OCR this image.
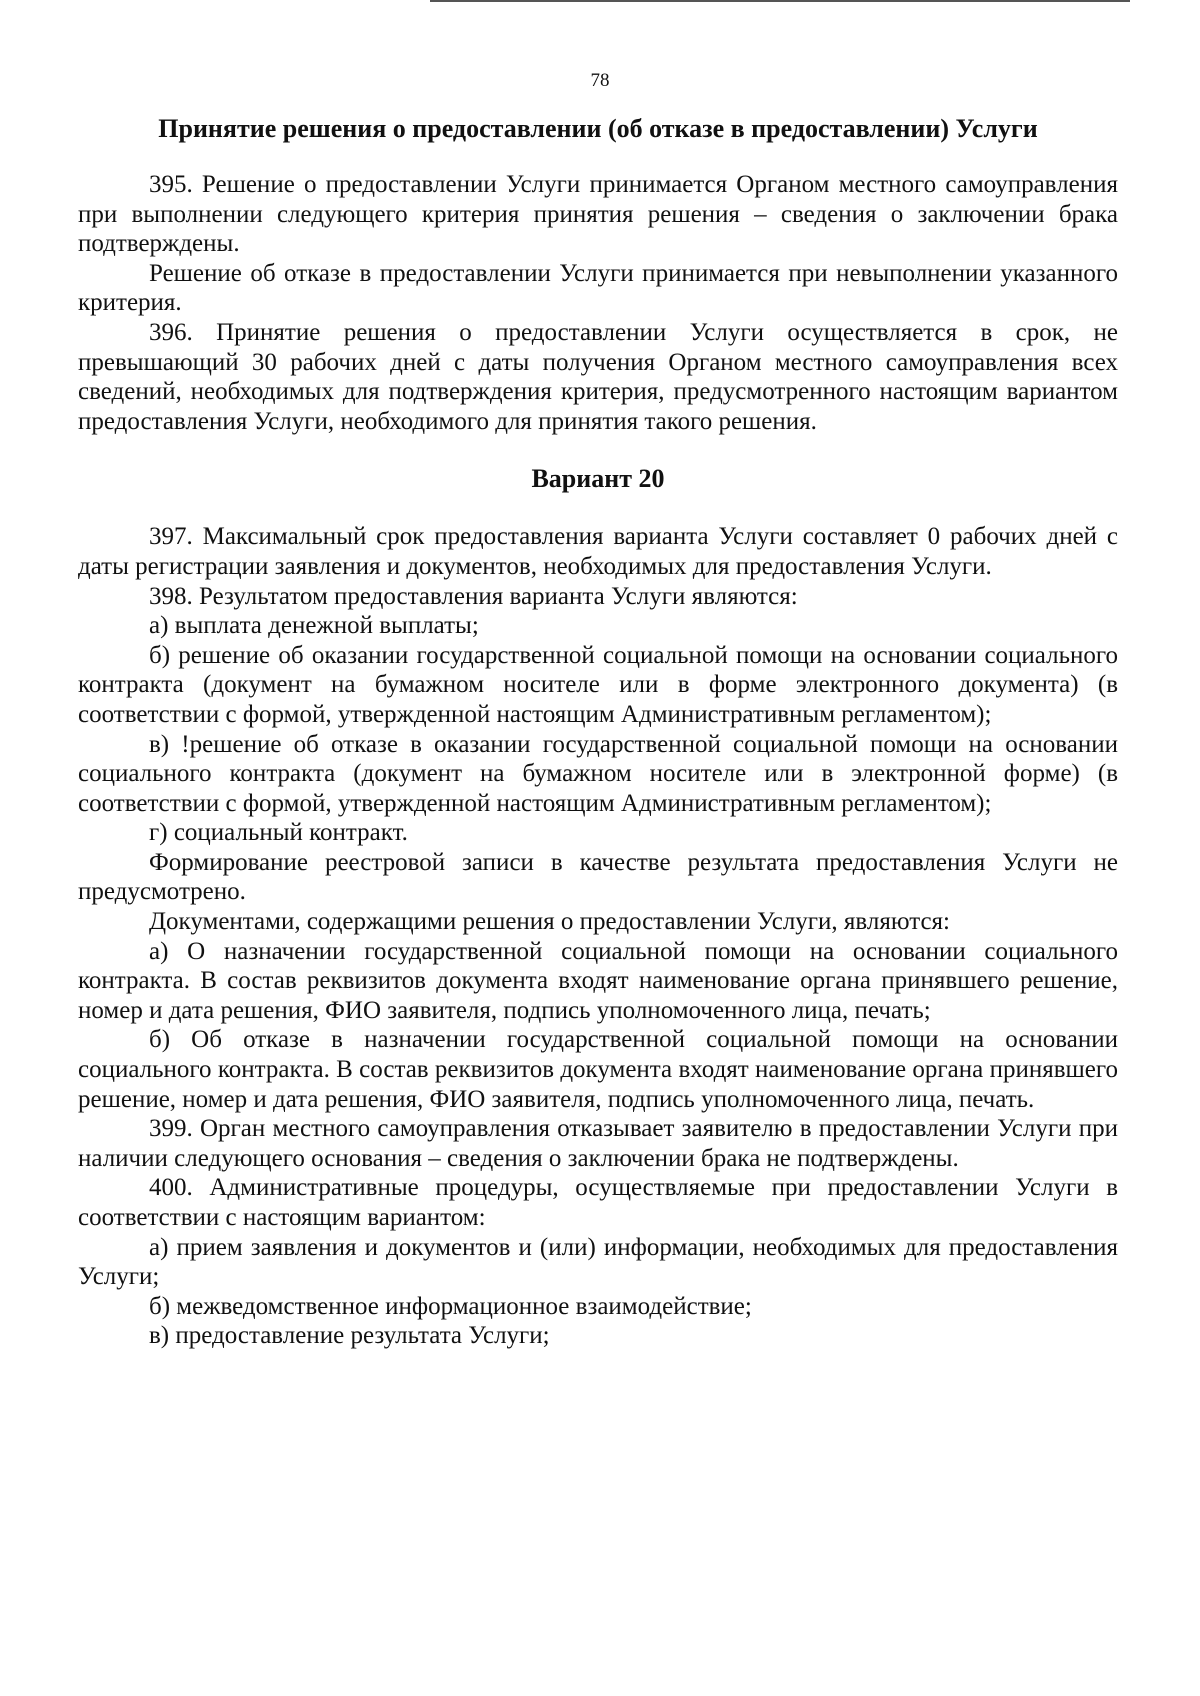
78
Принятие решения о предоставлении (об отказе в предоставлении) Услуги

395. Решение о предоставлении Услуги принимается Органом местного самоуправления при выполнении следующего критерия принятия решения – сведения о заключении брака подтверждены.

Решение об отказе в предоставлении Услуги принимается при невыполнении указанного критерия.

396. Принятие решения о предоставлении Услуги осуществляется в срок, не превышающий 30 рабочих дней с даты получения Органом местного самоуправления всех сведений, необходимых для подтверждения критерия, предусмотренного настоящим вариантом предоставления Услуги, необходимого для принятия такого решения.

Вариант 20

397. Максимальный срок предоставления варианта Услуги составляет 0 рабочих дней с даты регистрации заявления и документов, необходимых для предоставления Услуги.

398. Результатом предоставления варианта Услуги являются:

а) выплата денежной выплаты;

б) решение об оказании государственной социальной помощи на основании социального контракта (документ на бумажном носителе или в форме электронного документа) (в соответствии с формой, утвержденной настоящим Административным регламентом);

в) !решение об отказе в оказании государственной социальной помощи на основании социального контракта (документ на бумажном носителе или в электронной форме) (в соответствии с формой, утвержденной настоящим Административным регламентом);

г) социальный контракт.

Формирование реестровой записи в качестве результата предоставления Услуги не предусмотрено.

Документами, содержащими решения о предоставлении Услуги, являются:

а) О назначении государственной социальной помощи на основании социального контракта. В состав реквизитов документа входят наименование органа принявшего решение, номер и дата решения, ФИО заявителя, подпись уполномоченного лица, печать;

б) Об отказе в назначении государственной социальной помощи на основании социального контракта. В состав реквизитов документа входят наименование органа принявшего решение, номер и дата решения, ФИО заявителя, подпись уполномоченного лица, печать.

399. Орган местного самоуправления отказывает заявителю в предоставлении Услуги при наличии следующего основания – сведения о заключении брака не подтверждены.

400. Административные процедуры, осуществляемые при предоставлении Услуги в соответствии с настоящим вариантом:

а) прием заявления и документов и (или) информации, необходимых для предоставления Услуги;

б) межведомственное информационное взаимодействие;

в) предоставление результата Услуги;
